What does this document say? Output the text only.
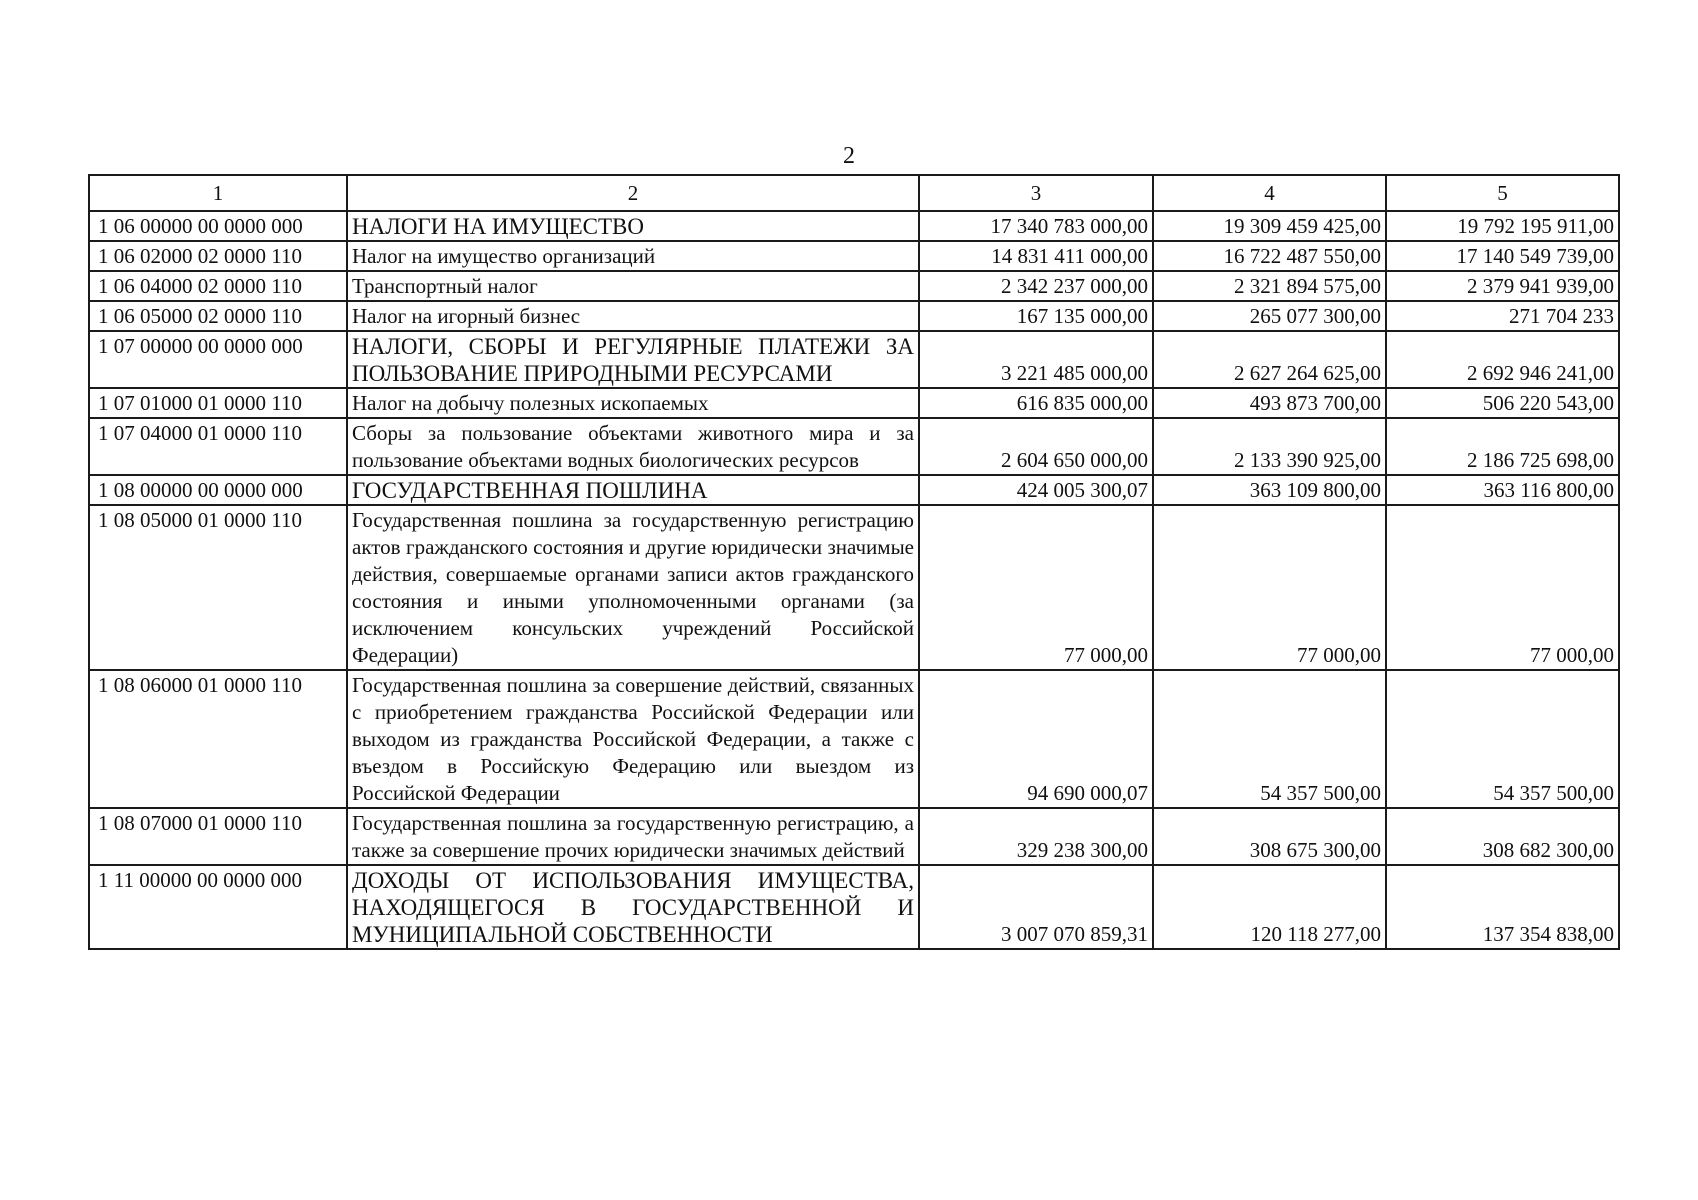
2
1	2	3	4	5
1 06 00000 00 0000 000	НАЛОГИ НА ИМУЩЕСТВО	17 340 783 000,00	19 309 459 425,00	19 792 195 911,00
1 06 02000 02 0000 110	Налог на имущество организаций	14 831 411 000,00	16 722 487 550,00	17 140 549 739,00
1 06 04000 02 0000 110	Транспортный налог	2 342 237 000,00	2 321 894 575,00	2 379 941 939,00
1 06 05000 02 0000 110	Налог на игорный бизнес	167 135 000,00	265 077 300,00	271 704 233
1 07 00000 00 0000 000	НАЛОГИ, СБОРЫ И РЕГУЛЯРНЫЕ ПЛАТЕЖИ ЗА ПОЛЬЗОВАНИЕ ПРИРОДНЫМИ РЕСУРСАМИ	3 221 485 000,00	2 627 264 625,00	2 692 946 241,00
1 07 01000 01 0000 110	Налог на добычу полезных ископаемых	616 835 000,00	493 873 700,00	506 220 543,00
1 07 04000 01 0000 110	Сборы за пользование объектами животного мира и за пользование объектами водных биологических ресурсов	2 604 650 000,00	2 133 390 925,00	2 186 725 698,00
1 08 00000 00 0000 000	ГОСУДАРСТВЕННАЯ ПОШЛИНА	424 005 300,07	363 109 800,00	363 116 800,00
1 08 05000 01 0000 110	Государственная пошлина за государственную регистрацию актов гражданского состояния и другие юридически значимые действия, совершаемые органами записи актов гражданского состояния и иными уполномоченными органами (за исключением консульских учреждений Российской Федерации)	77 000,00	77 000,00	77 000,00
1 08 06000 01 0000 110	Государственная пошлина за совершение действий, связанных с приобретением гражданства Российской Федерации или выходом из гражданства Российской Федерации, а также с въездом в Российскую Федерацию или выездом из Российской Федерации	94 690 000,07	54 357 500,00	54 357 500,00
1 08 07000 01 0000 110	Государственная пошлина за государственную регистрацию, а также за совершение прочих юридически значимых действий	329 238 300,00	308 675 300,00	308 682 300,00
1 11 00000 00 0000 000	ДОХОДЫ ОТ ИСПОЛЬЗОВАНИЯ ИМУЩЕСТВА, НАХОДЯЩЕГОСЯ В ГОСУДАРСТВЕННОЙ И МУНИЦИПАЛЬНОЙ СОБСТВЕННОСТИ	3 007 070 859,31	120 118 277,00	137 354 838,00
